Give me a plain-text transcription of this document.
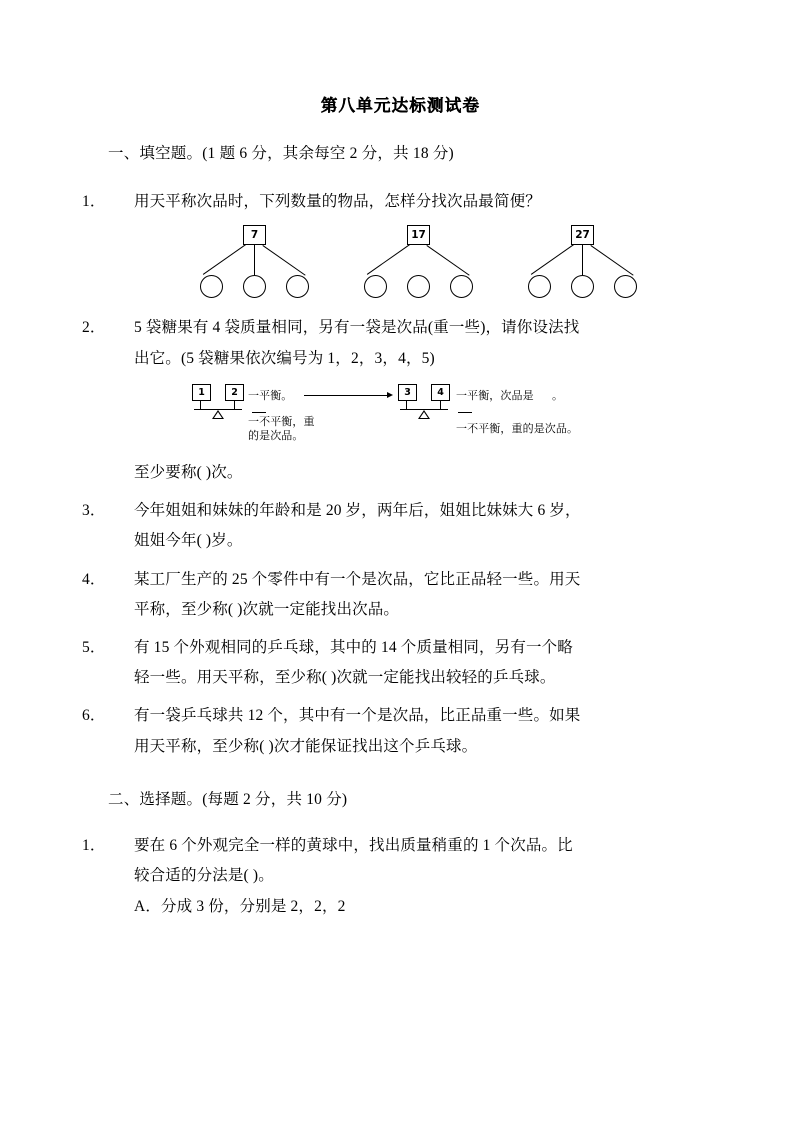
第八单元达标测试卷
一、填空题。(1 题 6 分，其余每空 2 分，共 18 分)
1． 用天平称次品时，下列数量的物品，怎样分找次品最简便？
7	17	27
2． 5 袋糖果有 4 袋质量相同，另有一袋是次品(重一些)，请你设法找
出它。(5 袋糖果依次编号为 1，2，3，4，5)
1	2 一平衡。
一不平衡，重
的是次品。
3	4	一平衡，次品是 。
一不平衡，重的是次品。
至少要称( )次。
3． 今年姐姐和妹妹的年龄和是 20 岁，两年后，姐姐比妹妹大 6 岁，
姐姐今年( )岁。
4． 某工厂生产的 25 个零件中有一个是次品，它比正品轻一些。用天
平称，至少称( )次就一定能找出次品。
5． 有 15 个外观相同的乒乓球，其中的 14 个质量相同，另有一个略
轻一些。用天平称，至少称( )次就一定能找出较轻的乒乓球。
6． 有一袋乒乓球共 12 个，其中有一个是次品，比正品重一些。如果
用天平称，至少称( )次才能保证找出这个乒乓球。
二、选择题。(每题 2 分，共 10 分)
1． 要在 6 个外观完全一样的黄球中，找出质量稍重的 1 个次品。比
较合适的分法是( )。
A．分成 3 份，分别是 2，2，2
